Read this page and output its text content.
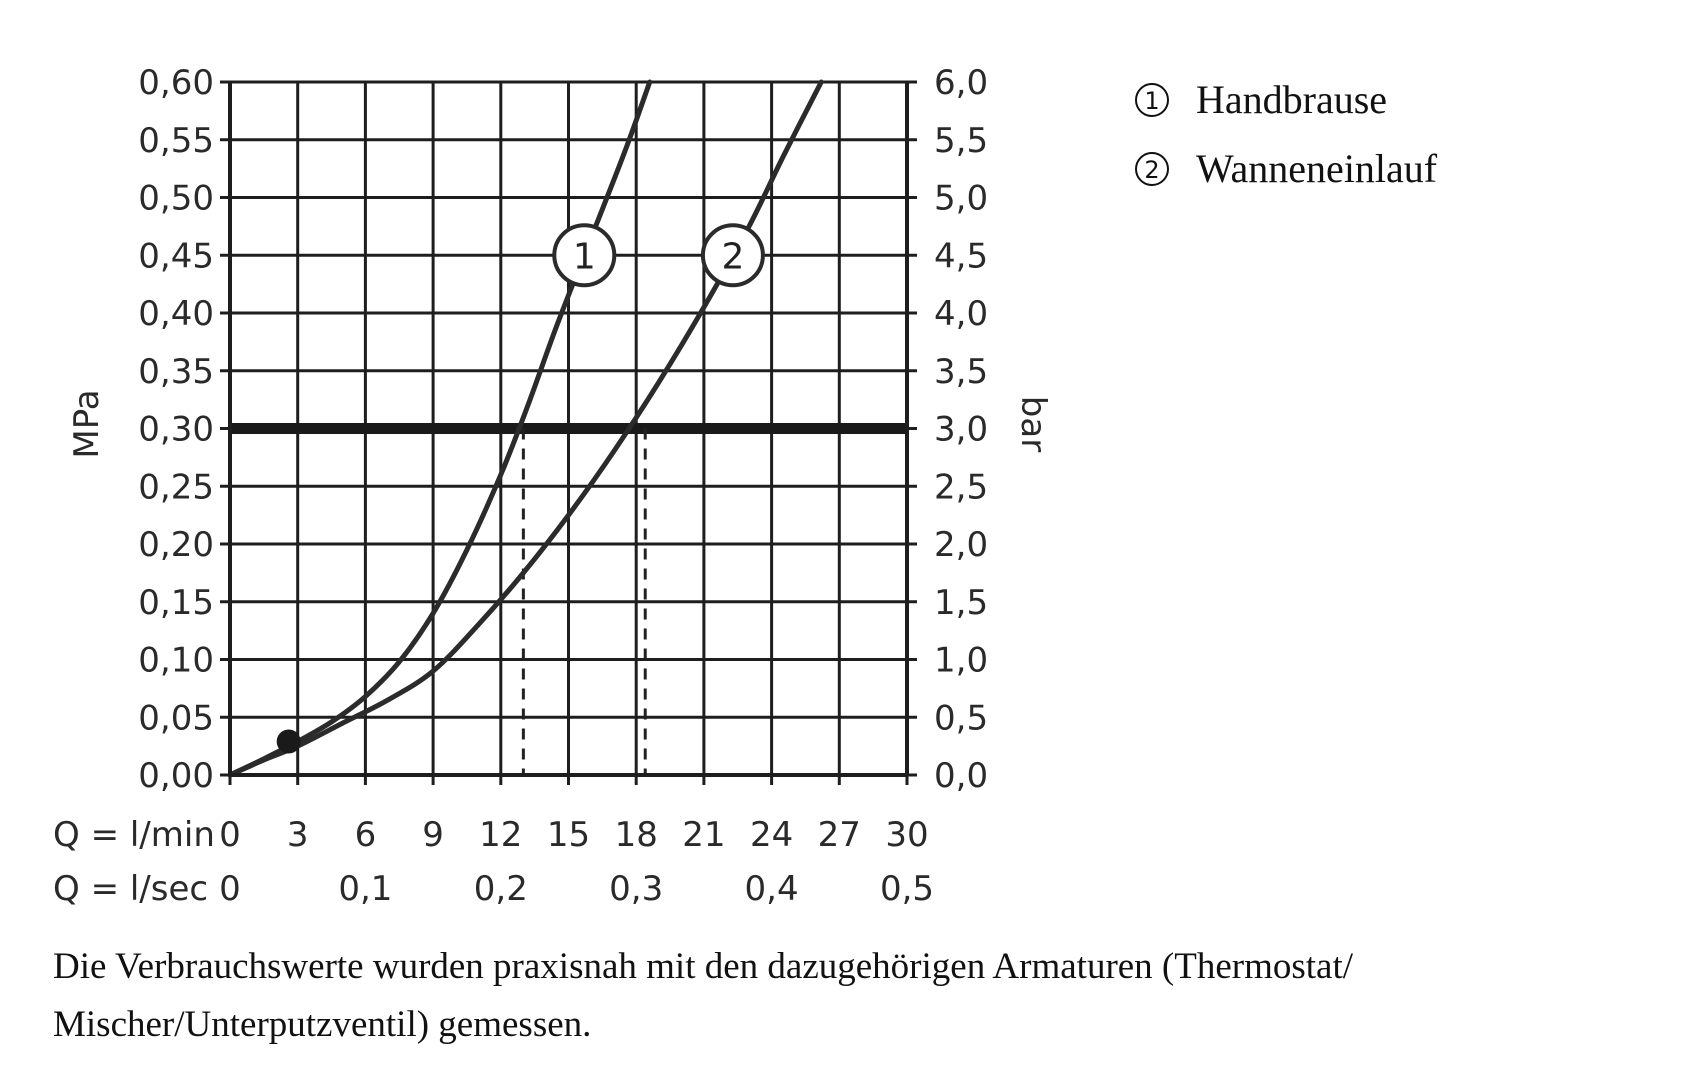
1	2
0 3 6 9 12 15 18 21 24 27 30
0	0,1 0,2 0,3 0,4 0,5
0,00	0,0
0,05	0,5
0,10	1,0
0,15	1,5
0,20	2,0
0,25	2,5
0,30	3,0
0,35	3,5
0,40	4,0
0,45	4,5
0,50	5,0
0,55	5,5
0,60	6,0
Q = l/min
Q = l/sec
MPa	bar
1 Handbrause
2 Wanneneinlauf
Die Verbrauchswerte wurden praxisnah mit den dazugehörigen Armaturen (Thermostat/ Mischer/Unterputzventil) gemessen.
